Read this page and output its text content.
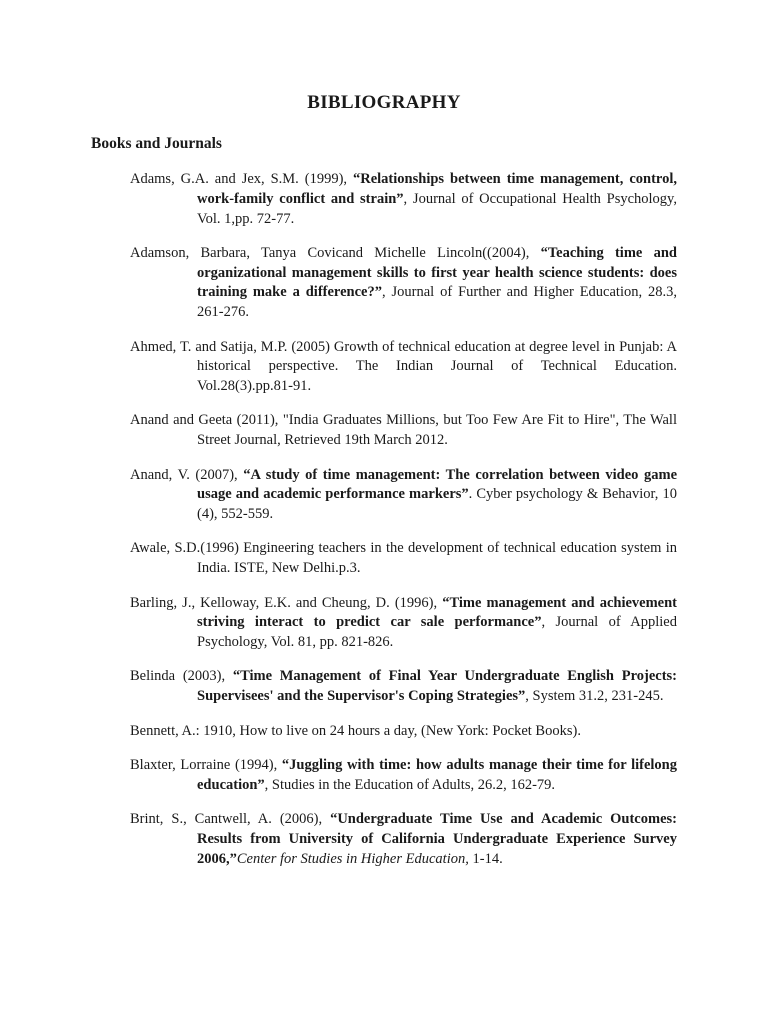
BIBLIOGRAPHY
Books and Journals

Adams, G.A. and Jex, S.M. (1999), “Relationships between time management, control, work-family conflict and strain”, Journal of Occupational Health Psychology, Vol. 1,pp. 72-77.

Adamson, Barbara, Tanya Covicand Michelle Lincoln((2004), “Teaching time and organizational management skills to first year health science students: does training make a difference?”, Journal of Further and Higher Education, 28.3, 261-276.

Ahmed, T. and Satija, M.P. (2005) Growth of technical education at degree level in Punjab: A historical perspective. The Indian Journal of Technical Education. Vol.28(3).pp.81-91.

Anand and Geeta (2011), "India Graduates Millions, but Too Few Are Fit to Hire", The Wall Street Journal, Retrieved 19th March 2012.

Anand, V. (2007), “A study of time management: The correlation between video game usage and academic performance markers”. Cyber psychology & Behavior, 10 (4), 552-559.

Awale, S.D.(1996) Engineering teachers in the development of technical education system in India. ISTE, New Delhi.p.3.

Barling, J., Kelloway, E.K. and Cheung, D. (1996), “Time management and achievement striving interact to predict car sale performance”, Journal of Applied Psychology, Vol. 81, pp. 821-826.

Belinda (2003), “Time Management of Final Year Undergraduate English Projects: Supervisees' and the Supervisor's Coping Strategies”, System 31.2, 231-245.

Bennett, A.: 1910, How to live on 24 hours a day, (New York: Pocket Books).

Blaxter, Lorraine (1994), “Juggling with time: how adults manage their time for lifelong education”, Studies in the Education of Adults, 26.2, 162-79.

Brint, S., Cantwell, A. (2006), “Undergraduate Time Use and Academic Outcomes: Results from University of California Undergraduate Experience Survey 2006,”Center for Studies in Higher Education, 1-14.
